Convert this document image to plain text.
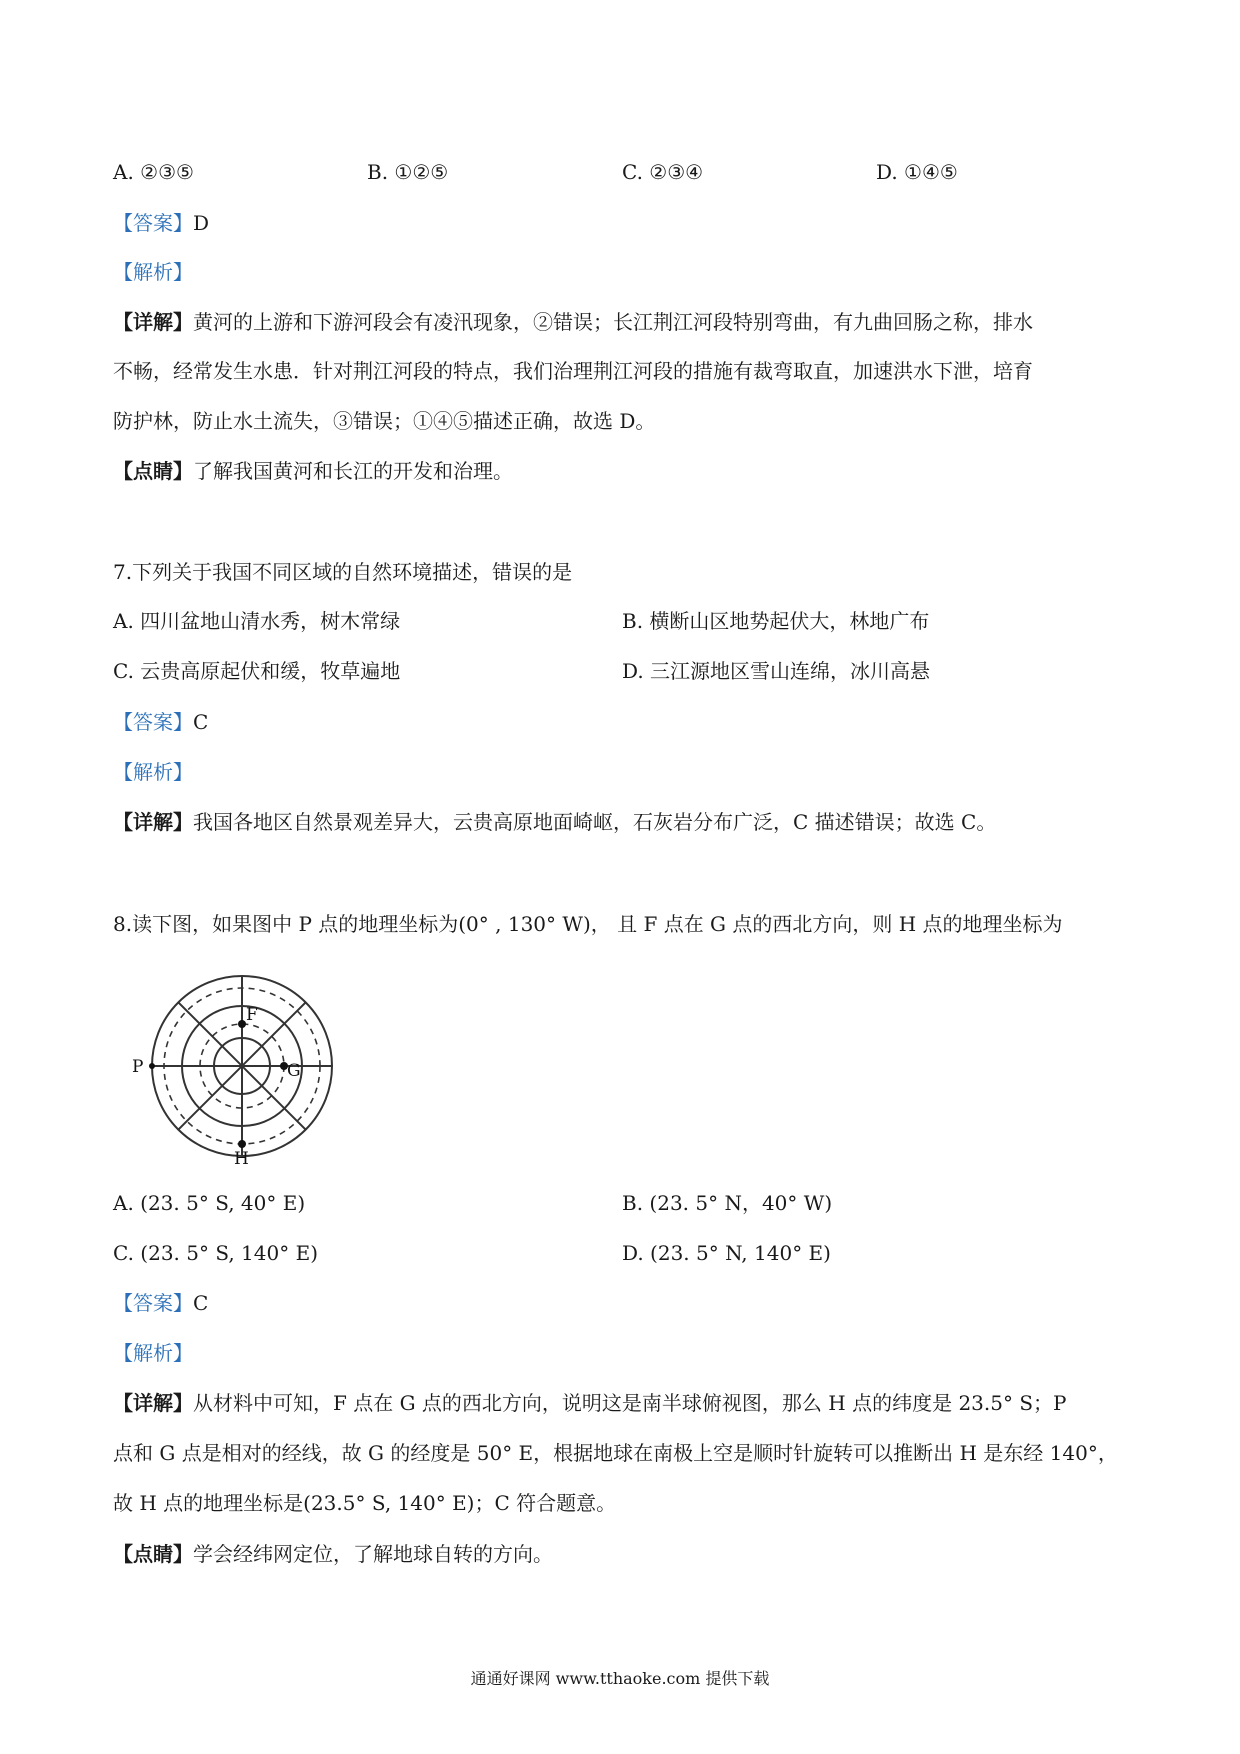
A. ②③⑤	B. ①②⑤	C. ②③④	D. ①④⑤
【答案】D
【解析】
【详解】黄河的上游和下游河段会有凌汛现象，②错误；长江荆江河段特别弯曲，有九曲回肠之称，排水
不畅，经常发生水患．针对荆江河段的特点，我们治理荆江河段的措施有裁弯取直，加速洪水下泄，培育
防护林，防止水土流失，③错误；①④⑤描述正确，故选 D。
【点睛】了解我国黄河和长江的开发和治理。
7.下列关于我国不同区域的自然环境描述，错误的是
A. 四川盆地山清水秀，树木常绿	B. 横断山区地势起伏大，林地广布
C. 云贵高原起伏和缓，牧草遍地	D. 三江源地区雪山连绵，冰川高悬
【答案】C
【解析】
【详解】我国各地区自然景观差异大，云贵高原地面崎岖，石灰岩分布广泛，C 描述错误；故选 C。
8.读下图，如果图中 P 点的地理坐标为(0° , 130° W)， 且 F 点在 G 点的西北方向，则 H 点的地理坐标为
P
F
G
H
A. (23. 5° S, 40° E)	B. (23. 5° N，40° W)
C. (23. 5° S, 140° E)	D. (23. 5° N, 140° E)
【答案】C
【解析】
【详解】从材料中可知，F 点在 G 点的西北方向，说明这是南半球俯视图，那么 H 点的纬度是 23.5° S；P
点和 G 点是相对的经线，故 G 的经度是 50° E，根据地球在南极上空是顺时针旋转可以推断出 H 是东经 140°，
故 H 点的地理坐标是(23.5° S, 140° E)；C 符合题意。
【点睛】学会经纬网定位，了解地球自转的方向。
通通好课网 www.tthaoke.com 提供下载
